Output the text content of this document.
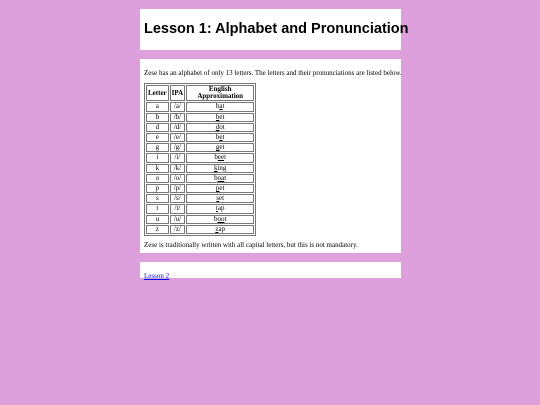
Lesson 1: Alphabet and Pronunciation

Zese has an alphabet of only 13 letters. The letters and their pronunciations are listed below.

Letter	IPA	English Approximation
a	/a/	bat
b	/b/	bet
d	/d/	dot
e	/e/	bet
g	/g/	get
i	/i/	beet
k	/k/	king
o	/o/	boat
p	/p/	pet
s	/s/	set
t	/t/	tap
u	/u/	boot
z	/z/	zap

Zese is traditionally written with all capital letters, but this is not mandatory.

Lesson 2
